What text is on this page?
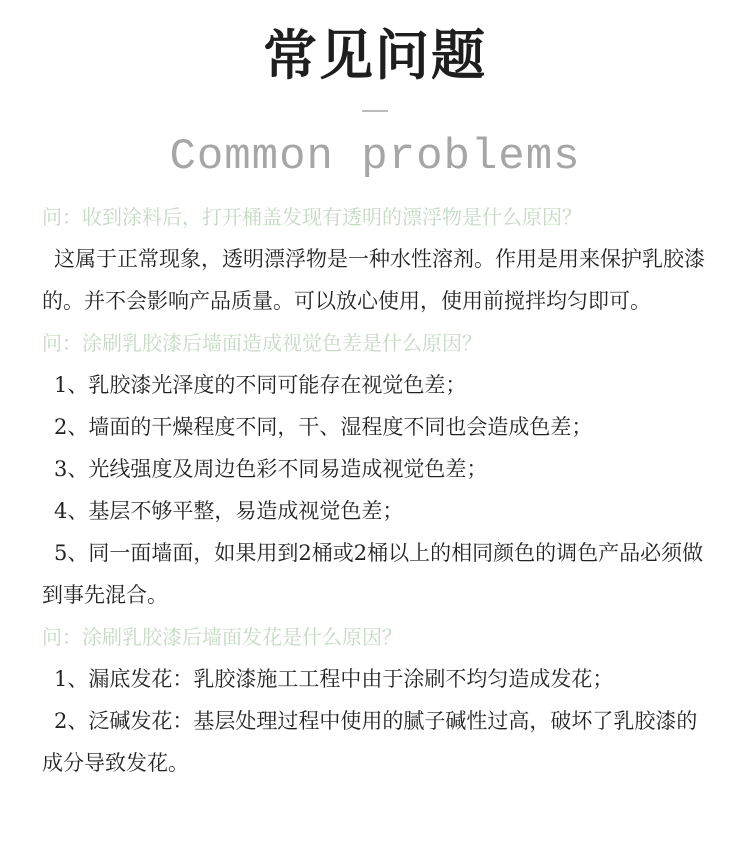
常见问题
Common problems
问：收到涂料后，打开桶盖发现有透明的漂浮物是什么原因？
这属于正常现象，透明漂浮物是一种水性溶剂。作用是用来保护乳胶漆的。并不会影响产品质量。可以放心使用，使用前搅拌均匀即可。
问：涂刷乳胶漆后墙面造成视觉色差是什么原因？
1、乳胶漆光泽度的不同可能存在视觉色差；
2、墙面的干燥程度不同，干、湿程度不同也会造成色差；
3、光线强度及周边色彩不同易造成视觉色差；
4、基层不够平整，易造成视觉色差；
5、同一面墙面，如果用到2桶或2桶以上的相同颜色的调色产品必须做到事先混合。
问：涂刷乳胶漆后墙面发花是什么原因？
1、漏底发花：乳胶漆施工工程中由于涂刷不均匀造成发花；
2、泛碱发花：基层处理过程中使用的腻子碱性过高，破坏了乳胶漆的成分导致发花。
